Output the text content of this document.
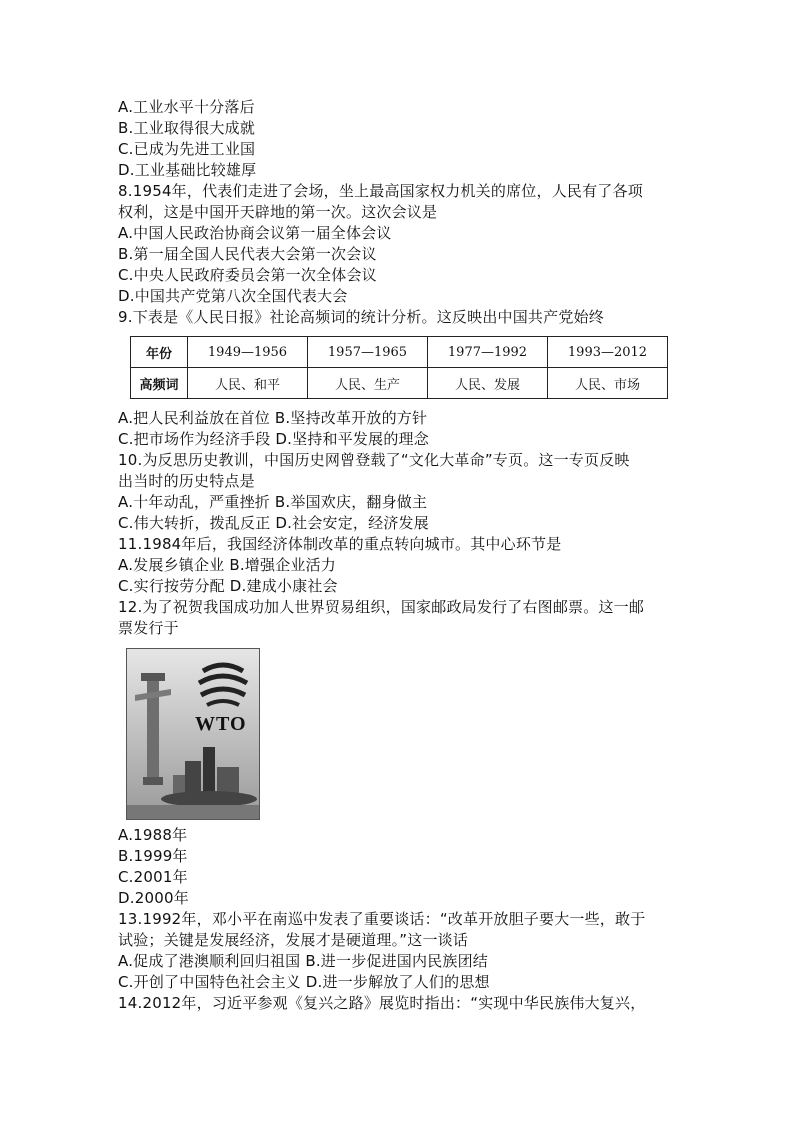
A.工业水平十分落后
B.工业取得很大成就
C.已成为先进工业国
D.工业基础比较雄厚
8.1954年，代表们走进了会场，坐上最高国家权力机关的席位，人民有了各项
权利，这是中国开天辟地的第一次。这次会议是
A.中国人民政治协商会议第一届全体会议
B.第一届全国人民代表大会第一次会议
C.中央人民政府委员会第一次全体会议
D.中国共产党第八次全国代表大会
9.下表是《人民日报》社论高频词的统计分析。这反映出中国共产党始终
年份	1949—1956	1957—1965	1977—1992	1993—2012
高频词	人民、和平	人民、生产	人民、发展	人民、市场
A.把人民利益放在首位 B.坚持改革开放的方针
C.把市场作为经济手段 D.坚持和平发展的理念
10.为反思历史教训，中国历史网曾登载了“文化大革命”专页。这一专页反映
出当时的历史特点是
A.十年动乱，严重挫折 B.举国欢庆，翻身做主
C.伟大转折，拨乱反正 D.社会安定，经济发展
11.1984年后，我国经济体制改革的重点转向城市。其中心环节是
A.发展乡镇企业 B.增强企业活力
C.实行按劳分配 D.建成小康社会
12.为了祝贺我国成功加人世界贸易组织，国家邮政局发行了右图邮票。这一邮
票发行于
WTO
A.1988年
B.1999年
C.2001年
D.2000年
13.1992年，邓小平在南巡中发表了重要谈话：“改革开放胆子要大一些，敢于
试验；关键是发展经济，发展才是硬道理。”这一谈话
A.促成了港澳顺利回归祖国 B.进一步促进国内民族团结
C.开创了中国特色社会主义 D.进一步解放了人们的思想
14.2012年，习近平参观《复兴之路》展览时指出：“实现中华民族伟大复兴，
